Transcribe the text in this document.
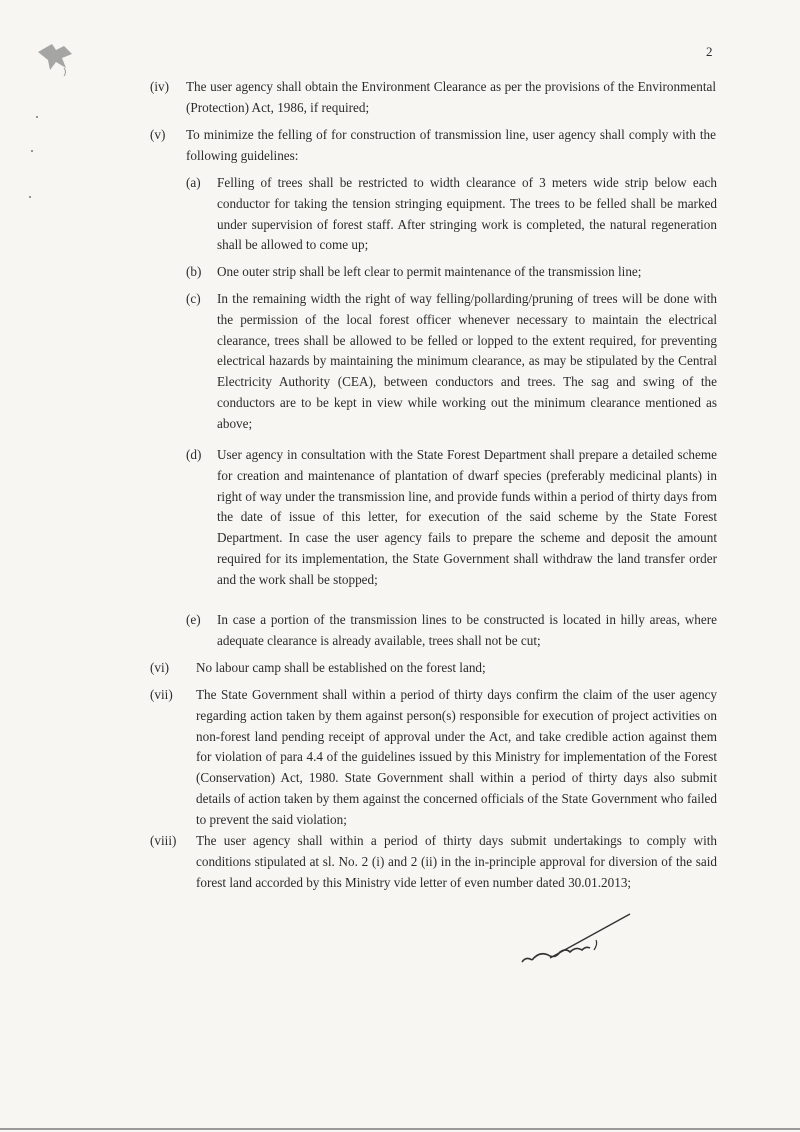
2
(iv) The user agency shall obtain the Environment Clearance as per the provisions of the Environmental (Protection) Act, 1986, if required;
(v) To minimize the felling of for construction of transmission line, user agency shall comply with the following guidelines:
(a) Felling of trees shall be restricted to width clearance of 3 meters wide strip below each conductor for taking the tension stringing equipment. The trees to be felled shall be marked under supervision of forest staff. After stringing work is completed, the natural regeneration shall be allowed to come up;
(b) One outer strip shall be left clear to permit maintenance of the transmission line;
(c) In the remaining width the right of way felling/pollarding/pruning of trees will be done with the permission of the local forest officer whenever necessary to maintain the electrical clearance, trees shall be allowed to be felled or lopped to the extent required, for preventing electrical hazards by maintaining the minimum clearance, as may be stipulated by the Central Electricity Authority (CEA), between conductors and trees. The sag and swing of the conductors are to be kept in view while working out the minimum clearance mentioned as above;
(d) User agency in consultation with the State Forest Department shall prepare a detailed scheme for creation and maintenance of plantation of dwarf species (preferably medicinal plants) in right of way under the transmission line, and provide funds within a period of thirty days from the date of issue of this letter, for execution of the said scheme by the State Forest Department. In case the user agency fails to prepare the scheme and deposit the amount required for its implementation, the State Government shall withdraw the land transfer order and the work shall be stopped;
(e) In case a portion of the transmission lines to be constructed is located in hilly areas, where adequate clearance is already available, trees shall not be cut;
(vi) No labour camp shall be established on the forest land;
(vii) The State Government shall within a period of thirty days confirm the claim of the user agency regarding action taken by them against person(s) responsible for execution of project activities on non-forest land pending receipt of approval under the Act, and take credible action against them for violation of para 4.4 of the guidelines issued by this Ministry for implementation of the Forest (Conservation) Act, 1980. State Government shall within a period of thirty days also submit details of action taken by them against the concerned officials of the State Government who failed to prevent the said violation;
(viii) The user agency shall within a period of thirty days submit undertakings to comply with conditions stipulated at sl. No. 2 (i) and 2 (ii) in the in-principle approval for diversion of the said forest land accorded by this Ministry vide letter of even number dated 30.01.2013;
